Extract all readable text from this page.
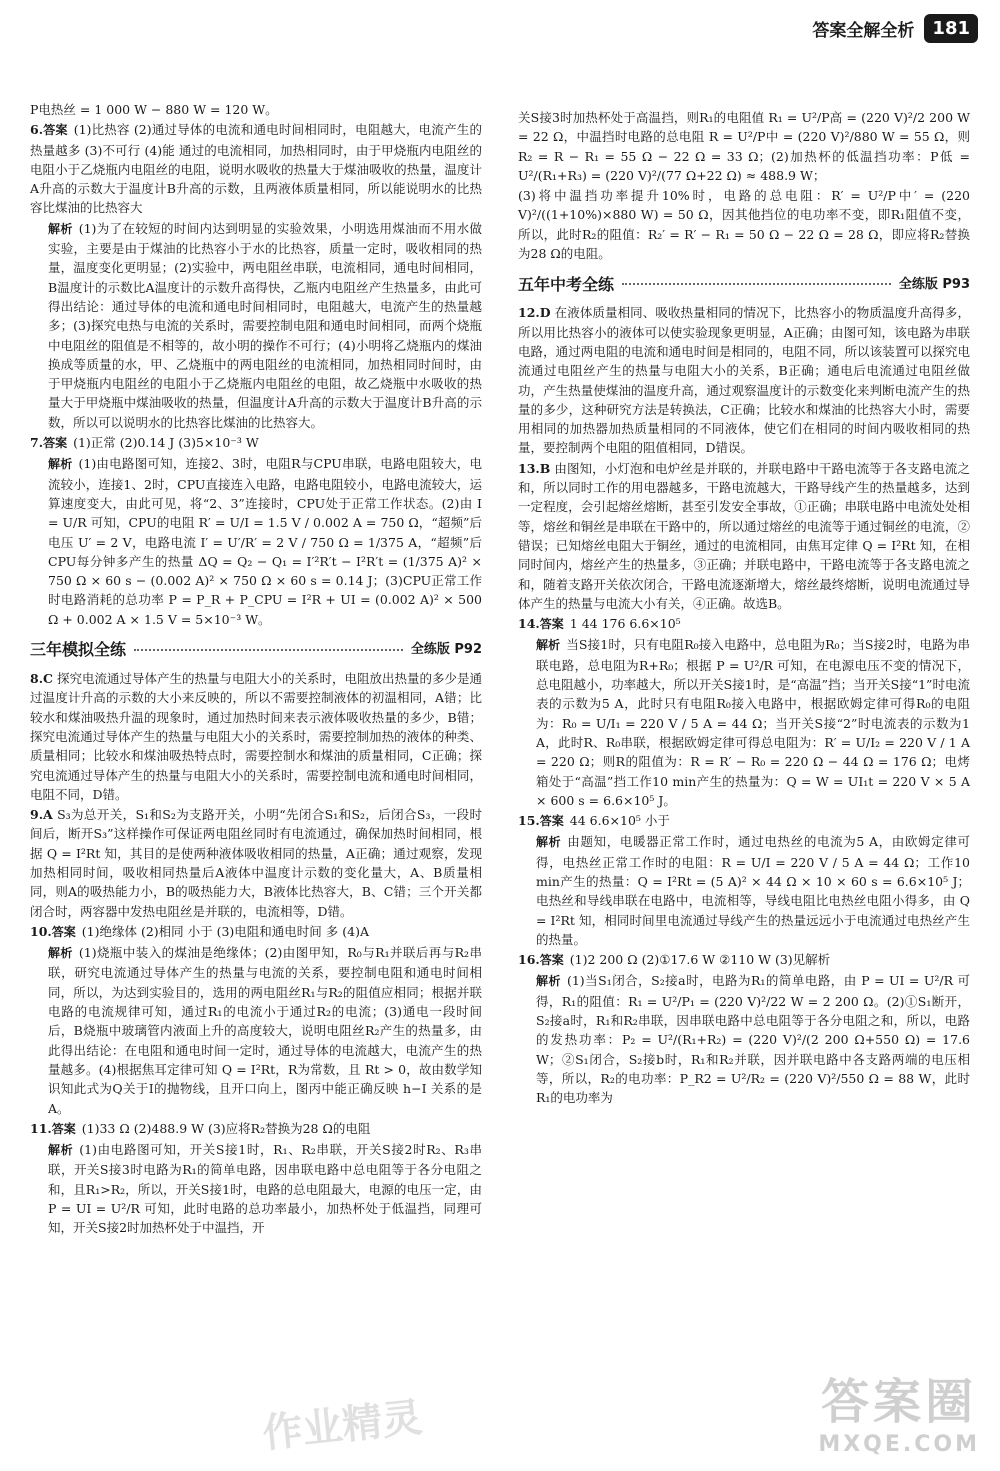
答案全解全析	181

P电热丝 = 1 000 W − 880 W = 120 W。

6.答案 (1)比热容 (2)通过导体的电流和通电时间相同时，电阻越大，电流产生的热量越多 (3)不可行 (4)能 通过的电流相同，加热相同时，由于甲烧瓶内电阻丝的电阻小于乙烧瓶内电阻丝的电阻，说明水吸收的热量大于煤油吸收的热量，温度计A升高的示数大于温度计B升高的示数，且两液体质量相同，所以能说明水的比热容比煤油的比热容大

解析 (1)为了在较短的时间内达到明显的实验效果，小明选用煤油而不用水做实验，主要是由于煤油的比热容小于水的比热容，质量一定时，吸收相同的热量，温度变化更明显；(2)实验中，两电阻丝串联，电流相同，通电时间相同，B温度计的示数比A温度计的示数升高得快，乙瓶内电阻丝产生热量多，由此可得出结论：通过导体的电流和通电时间相同时，电阻越大，电流产生的热量越多；(3)探究电热与电流的关系时，需要控制电阻和通电时间相同，而两个烧瓶中电阻丝的阻值是不相等的，故小明的操作不可行；(4)小明将乙烧瓶内的煤油换成等质量的水，甲、乙烧瓶中的两电阻丝的电流相同，加热相同时间时，由于甲烧瓶内电阻丝的电阻小于乙烧瓶内电阻丝的电阻，故乙烧瓶中水吸收的热量大于甲烧瓶中煤油吸收的热量，但温度计A升高的示数大于温度计B升高的示数，所以可以说明水的比热容比煤油的比热容大。

7.答案 (1)正常 (2)0.14 J (3)5×10⁻³ W

解析 (1)由电路图可知，连接2、3时，电阻R与CPU串联，电路电阻较大，电流较小，连接1、2时，CPU直接连入电路，电路电阻较小，电路电流较大，运算速度变大，由此可见，将“2、3”连接时，CPU处于正常工作状态。(2)由 I = U/R 可知，CPU的电阻 R′ = U/I = 1.5 V / 0.002 A = 750 Ω，“超频”后电压 U′ = 2 V，电路电流 I′ = U′/R′ = 2 V / 750 Ω = 1/375 A，“超频”后CPU每分钟多产生的热量 ΔQ = Q₂ − Q₁ = I′²R′t − I²R′t = (1/375 A)² × 750 Ω × 60 s − (0.002 A)² × 750 Ω × 60 s = 0.14 J；(3)CPU正常工作时电路消耗的总功率 P = P_R + P_CPU = I²R + UI = (0.002 A)² × 500 Ω + 0.002 A × 1.5 V = 5×10⁻³ W。

三年模拟全练	全练版 P92

8.C 探究电流通过导体产生的热量与电阻大小的关系时，电阻放出热量的多少是通过温度计升高的示数的大小来反映的，所以不需要控制液体的初温相同，A错；比较水和煤油吸热升温的现象时，通过加热时间来表示液体吸收热量的多少，B错；探究电流通过导体产生的热量与电阻大小的关系时，需要控制加热的液体的种类、质量相同；比较水和煤油吸热特点时，需要控制水和煤油的质量相同，C正确；探究电流通过导体产生的热量与电阻大小的关系时，需要控制电流和通电时间相同，电阻不同，D错。

9.A S₃为总开关，S₁和S₂为支路开关，小明“先闭合S₁和S₂，后闭合S₃，一段时间后，断开S₃”这样操作可保证两电阻丝同时有电流通过，确保加热时间相同，根据 Q = I²Rt 知，其目的是使两种液体吸收相同的热量，A正确；通过观察，发现加热相同时间，吸收相同热量后A液体中温度计示数的变化量大，A、B质量相同，则A的吸热能力小，B的吸热能力大，B液体比热容大，B、C错；三个开关都闭合时，两容器中发热电阻丝是并联的，电流相等，D错。

10.答案 (1)绝缘体 (2)相同 小于 (3)电阻和通电时间 多 (4)A

解析 (1)烧瓶中装入的煤油是绝缘体；(2)由图甲知，R₀与R₁并联后再与R₂串联，研究电流通过导体产生的热量与电流的关系，要控制电阻和通电时间相同，所以，为达到实验目的，选用的两电阻丝R₁与R₂的阻值应相同；根据并联电路的电流规律可知，通过R₁的电流小于通过R₂的电流；(3)通电一段时间后，B烧瓶中玻璃管内液面上升的高度较大，说明电阻丝R₂产生的热量多，由此得出结论：在电阻和通电时间一定时，通过导体的电流越大，电流产生的热量越多。(4)根据焦耳定律可知 Q = I²Rt，R为常数，且 Rt > 0，故由数学知识知此式为Q关于I的抛物线，且开口向上，图丙中能正确反映 h−I 关系的是A。

11.答案 (1)33 Ω (2)488.9 W (3)应将R₂替换为28 Ω的电阻

解析 (1)由电路图可知，开关S接1时，R₁、R₂串联，开关S接2时R₂、R₃串联，开关S接3时电路为R₁的简单电路，因串联电路中总电阻等于各分电阻之和，且R₁>R₂，所以，开关S接1时，电路的总电阻最大，电源的电压一定，由 P = UI = U²/R 可知，此时电路的总功率最小，加热杯处于低温挡，同理可知，开关S接2时加热杯处于中温挡，开

关S接3时加热杯处于高温挡，则R₁的电阻值 R₁ = U²/P高 = (220 V)²/2 200 W = 22 Ω，中温挡时电路的总电阻 R = U²/P中 = (220 V)²/880 W = 55 Ω，则 R₂ = R − R₁ = 55 Ω − 22 Ω = 33 Ω；(2)加热杯的低温挡功率：P低 = U²/(R₁+R₃) = (220 V)²/(77 Ω+22 Ω) ≈ 488.9 W；

(3)将中温挡功率提升10%时，电路的总电阻：R′ = U²/P中′ = (220 V)²/((1+10%)×880 W) = 50 Ω，因其他挡位的电功率不变，即R₁阻值不变，所以，此时R₂的阻值：R₂′ = R′ − R₁ = 50 Ω − 22 Ω = 28 Ω，即应将R₂替换为28 Ω的电阻。

五年中考全练	全练版 P93

12.D 在液体质量相同、吸收热量相同的情况下，比热容小的物质温度升高得多，所以用比热容小的液体可以使实验现象更明显，A正确；由图可知，该电路为串联电路，通过两电阻的电流和通电时间是相同的，电阻不同，所以该装置可以探究电流通过电阻丝产生的热量与电阻大小的关系，B正确；通电后电流通过电阻丝做功，产生热量使煤油的温度升高，通过观察温度计的示数变化来判断电流产生的热量的多少，这种研究方法是转换法，C正确；比较水和煤油的比热容大小时，需要用相同的加热器加热质量相同的不同液体，使它们在相同的时间内吸收相同的热量，要控制两个电阻的阻值相同，D错误。

13.B 由图知，小灯泡和电炉丝是并联的，并联电路中干路电流等于各支路电流之和，所以同时工作的用电器越多，干路电流越大，干路导线产生的热量越多，达到一定程度，会引起熔丝熔断，甚至引发安全事故，①正确；串联电路中电流处处相等，熔丝和铜丝是串联在干路中的，所以通过熔丝的电流等于通过铜丝的电流，②错误；已知熔丝电阻大于铜丝，通过的电流相同，由焦耳定律 Q = I²Rt 知，在相同时间内，熔丝产生的热量多，③正确；并联电路中，干路电流等于各支路电流之和，随着支路开关依次闭合，干路电流逐渐增大，熔丝最终熔断，说明电流通过导体产生的热量与电流大小有关，④正确。故选B。

14.答案 1 44 176 6.6×10⁵

解析 当S接1时，只有电阻R₀接入电路中，总电阻为R₀；当S接2时，电路为串联电路，总电阻为R+R₀；根据 P = U²/R 可知，在电源电压不变的情况下，总电阻越小，功率越大，所以开关S接1时，是“高温”挡；当开关S接“1”时电流表的示数为5 A，此时只有电阻R₀接入电路中，根据欧姆定律可得R₀的电阻为：R₀ = U/I₁ = 220 V / 5 A = 44 Ω；当开关S接“2”时电流表的示数为1 A，此时R、R₀串联，根据欧姆定律可得总电阻为：R′ = U/I₂ = 220 V / 1 A = 220 Ω；则R的阻值为：R = R′ − R₀ = 220 Ω − 44 Ω = 176 Ω；电烤箱处于“高温”挡工作10 min产生的热量为：Q = W = UI₁t = 220 V × 5 A × 600 s = 6.6×10⁵ J。

15.答案 44 6.6×10⁵ 小于

解析 由题知，电暖器正常工作时，通过电热丝的电流为5 A，由欧姆定律可得，电热丝正常工作时的电阻：R = U/I = 220 V / 5 A = 44 Ω；工作10 min产生的热量：Q = I²Rt = (5 A)² × 44 Ω × 10 × 60 s = 6.6×10⁵ J；电热丝和导线串联在电路中，电流相等，导线电阻比电热丝电阻小得多，由 Q = I²Rt 知，相同时间里电流通过导线产生的热量远远小于电流通过电热丝产生的热量。

16.答案 (1)2 200 Ω (2)①17.6 W ②110 W (3)见解析

解析 (1)当S₁闭合，S₂接a时，电路为R₁的简单电路，由 P = UI = U²/R 可得，R₁的阻值：R₁ = U²/P₁ = (220 V)²/22 W = 2 200 Ω。(2)①S₁断开，S₂接a时，R₁和R₂串联，因串联电路中总电阻等于各分电阻之和，所以，电路的发热功率：P₂ = U²/(R₁+R₂) = (220 V)²/(2 200 Ω+550 Ω) = 17.6 W；②S₁闭合，S₂接b时，R₁和R₂并联，因并联电路中各支路两端的电压相等，所以，R₂的电功率：P_R2 = U²/R₂ = (220 V)²/550 Ω = 88 W，此时R₁的电功率为

作业精灵	答案圈
MXQE.COM
